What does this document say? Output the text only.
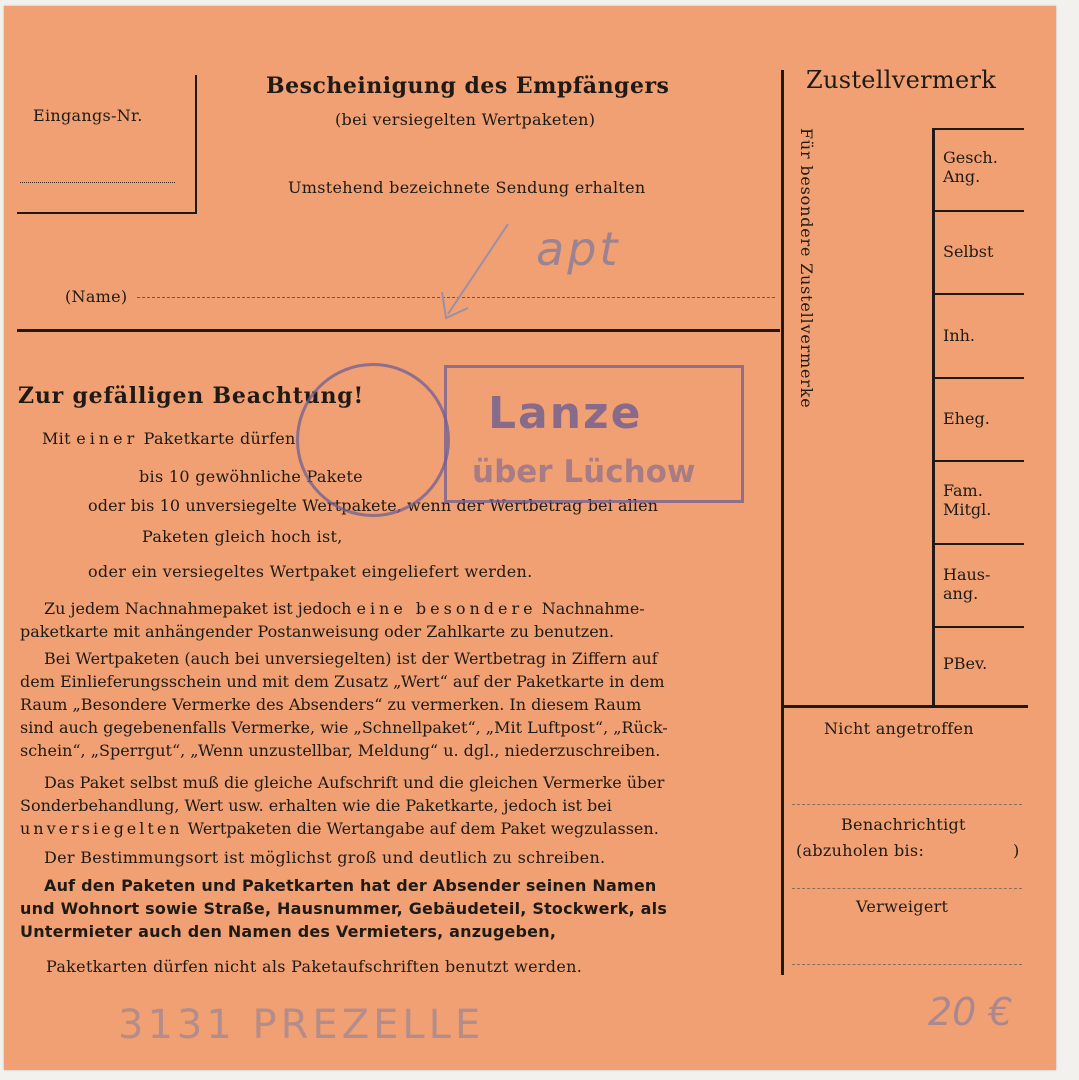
Eingangs-Nr.
Bescheinigung des Empfängers
(bei versiegelten Wertpaketen)
Umstehend bezeichnete Sendung erhalten
(Name)
Zur gefälligen Beachtung!
Mit einer Paketkarte dürfen
bis 10 gewöhnliche Pakete
oder bis 10 unversiegelte Wertpakete, wenn der Wertbetrag bei allen
Paketen gleich hoch ist,
oder ein versiegeltes Wertpaket eingeliefert werden.
Zu jedem Nachnahmepaket ist jedoch eine besondere Nachnahme-
paketkarte mit anhängender Postanweisung oder Zahlkarte zu benutzen.
Bei Wertpaketen (auch bei unversiegelten) ist der Wertbetrag in Ziffern auf
dem Einlieferungsschein und mit dem Zusatz „Wert“ auf der Paketkarte in dem
Raum „Besondere Vermerke des Absenders“ zu vermerken. In diesem Raum
sind auch gegebenenfalls Vermerke, wie „Schnellpaket“, „Mit Luftpost“, „Rück-
schein“, „Sperrgut“, „Wenn unzustellbar, Meldung“ u. dgl., niederzuschreiben.
Das Paket selbst muß die gleiche Aufschrift und die gleichen Vermerke über
Sonderbehandlung, Wert usw. erhalten wie die Paketkarte, jedoch ist bei
unversiegelten Wertpaketen die Wertangabe auf dem Paket wegzulassen.
Der Bestimmungsort ist möglichst groß und deutlich zu schreiben.
Auf den Paketen und Paketkarten hat der Absender seinen Namen
und Wohnort sowie Straße, Hausnummer, Gebäudeteil, Stockwerk, als
Untermieter auch den Namen des Vermieters, anzugeben,
Paketkarten dürfen nicht als Paketaufschriften benutzt werden.
Zustellvermerk
Für besondere Zustellvermerke	Gesch.
Ang.
Selbst
Inh.
Eheg.
Fam.
Mitgl.
Haus-
ang.
PBev.
Nicht angetroffen
Benachrichtigt
(abzuholen bis:	)
Verweigert
Lanze
über Lüchow
apt
3131 PREZELLE	20 €
